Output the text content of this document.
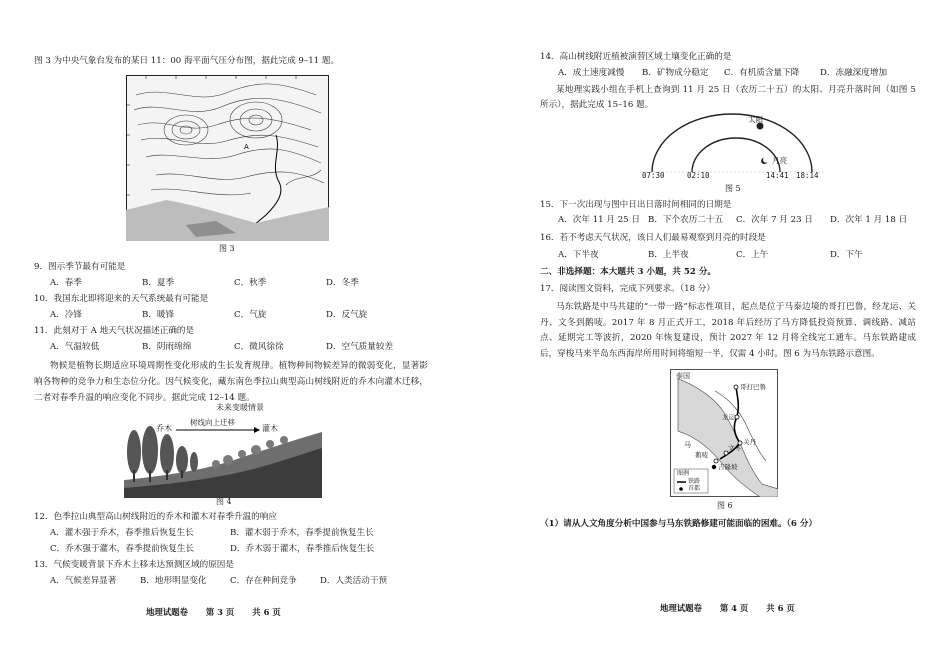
图 3 为中央气象台发布的某日 11：00 海平面气压分布图，据此完成 9–11 题。
A
图 3
9．图示季节最有可能是
A．春季	B．夏季	C．秋季	D．冬季
10．我国东北即将迎来的天气系统最有可能是
A．冷锋	B．暖锋	C．气旋	D．反气旋
11．此刻对于 A 地天气状况描述正确的是
A．气温较低	B．阴雨绵绵	C．微风徐徐	D．空气质量较差
物候是植物长期适应环境周期性变化形成的生长发育规律。植物种间物候差异的微弱变化，显著影响各物种的竞争力和生态位分化。因气候变化，藏东南色季拉山典型高山树线附近的乔木向灌木迁移，二者对春季升温的响应变化不同步。据此完成 12–14 题。
未来变暖情景
乔木
树线向上迁移
灌木
图 4
12．色季拉山典型高山树线附近的乔木和灌木对春季升温的响应
A．灌木强于乔木，春季推后恢复生长	B．灌木弱于乔木，春季提前恢复生长
C．乔木强于灌木，春季提前恢复生长	D．乔木弱于灌木，春季推后恢复生长
13．气候变暖背景下乔木上移未达预测区域的原因是
A．气候差异显著	B．地形明显变化	C．存在种间竞争	D．人类活动干预
地理试题卷 第 3 页 共 6 页
14．高山树线附近植被演替区域土壤变化正确的是
A．成土速度减慢	B．矿物成分稳定	C．有机质含量下降	D．冻融深度增加
某地理实践小组在手机上查询到 11 月 25 日（农历二十五）的太阳、月亮升落时间（如图 5 所示），据此完成 15–16 题。
太阳
月亮
07:30	02:10	14:41 18:14
图 5
15．下一次出现与图中日出日落时间相同的日期是
A．次年 11 月 25 日 B．下个农历二十五	C．次年 7 月 23 日	D．次年 1 月 18 日
16．若不考虑天气状况，该日人们最易观察到月亮的时段是
A．下半夜	B．上半夜	C．上午	D．下午
二、非选择题：本大题共 3 小题，共 52 分。
17．阅读图文资料，完成下列要求。（18 分）
马东铁路是中马共建的“一带一路”标志性项目，起点是位于马泰边境的哥打巴鲁，经龙运、关丹、文冬到鹅唛。2017 年 8 月正式开工，2018 年后经历了马方降低投资预算、调线路、减站点、延期完工等波折，2020 年恢复建设，预计 2027 年 12 月将全线完工通车。马东铁路建成后，穿梭马来半岛东西海岸所用时间将缩短一半，仅需 4 小时。图 6 为马东铁路示意图。
泰国
哥打巴鲁
龙运
关丹
文冬
鹅唛
吉隆坡
马
图例
铁路
首都
图 6
（1）请从人文角度分析中国参与马东铁路修建可能面临的困难。（6 分）
地理试题卷 第 4 页 共 6 页
